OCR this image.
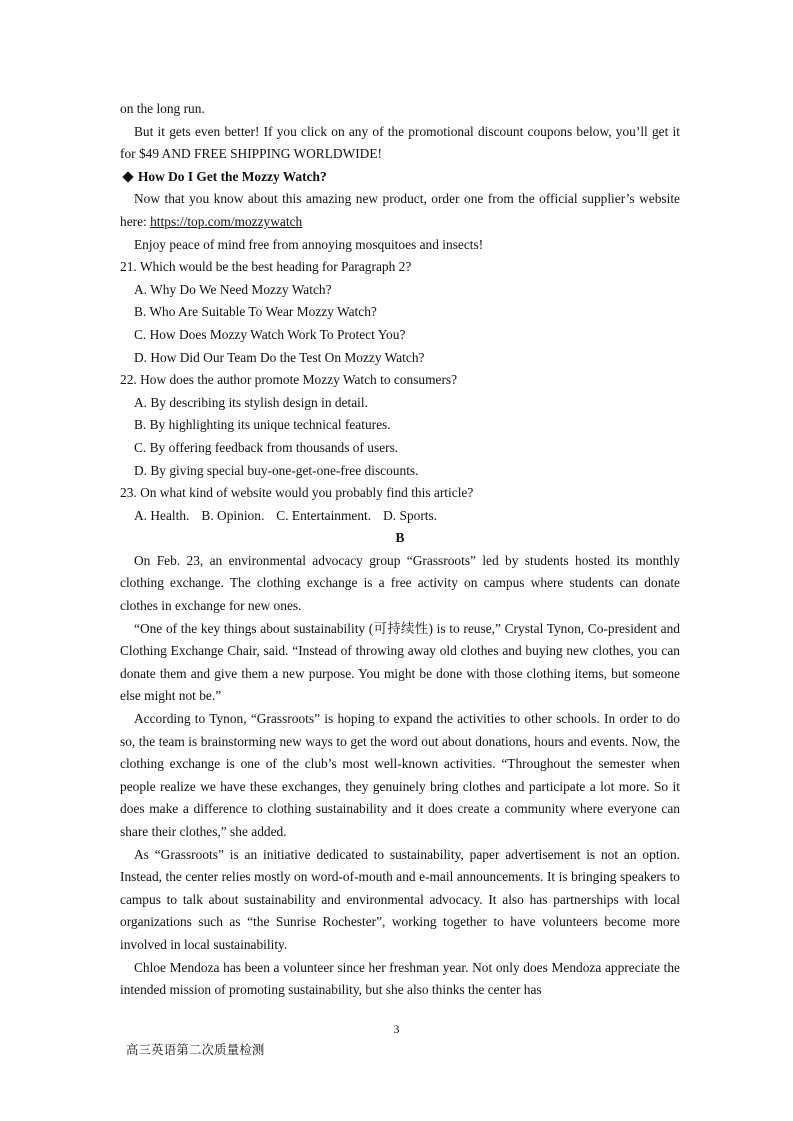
on the long run.

But it gets even better! If you click on any of the promotional discount coupons below, you’ll get it for $49 AND FREE SHIPPING WORLDWIDE!

How Do I Get the Mozzy Watch?

Now that you know about this amazing new product, order one from the official supplier’s website here: https://top.com/mozzywatch

Enjoy peace of mind free from annoying mosquitoes and insects!

21. Which would be the best heading for Paragraph 2?

A. Why Do We Need Mozzy Watch?

B. Who Are Suitable To Wear Mozzy Watch?

C. How Does Mozzy Watch Work To Protect You?

D. How Did Our Team Do the Test On Mozzy Watch?

22. How does the author promote Mozzy Watch to consumers?

A. By describing its stylish design in detail.

B. By highlighting its unique technical features.

C. By offering feedback from thousands of users.

D. By giving special buy-one-get-one-free discounts.

23. On what kind of website would you probably find this article?

A. Health. B. Opinion. C. Entertainment. D. Sports.

B

On Feb. 23, an environmental advocacy group “Grassroots” led by students hosted its monthly clothing exchange. The clothing exchange is a free activity on campus where students can donate clothes in exchange for new ones.

“One of the key things about sustainability (可持续性) is to reuse,” Crystal Tynon, Co-president and Clothing Exchange Chair, said. “Instead of throwing away old clothes and buying new clothes, you can donate them and give them a new purpose. You might be done with those clothing items, but someone else might not be.”

According to Tynon, “Grassroots” is hoping to expand the activities to other schools. In order to do so, the team is brainstorming new ways to get the word out about donations, hours and events. Now, the clothing exchange is one of the club’s most well-known activities. “Throughout the semester when people realize we have these exchanges, they genuinely bring clothes and participate a lot more. So it does make a difference to clothing sustainability and it does create a community where everyone can share their clothes,” she added.

As “Grassroots” is an initiative dedicated to sustainability, paper advertisement is not an option. Instead, the center relies mostly on word-of-mouth and e-mail announcements. It is bringing speakers to campus to talk about sustainability and environmental advocacy. It also has partnerships with local organizations such as “the Sunrise Rochester”, working together to have volunteers become more involved in local sustainability.

Chloe Mendoza has been a volunteer since her freshman year. Not only does Mendoza appreciate the intended mission of promoting sustainability, but she also thinks the center has

3
高三英语第二次质量检测
